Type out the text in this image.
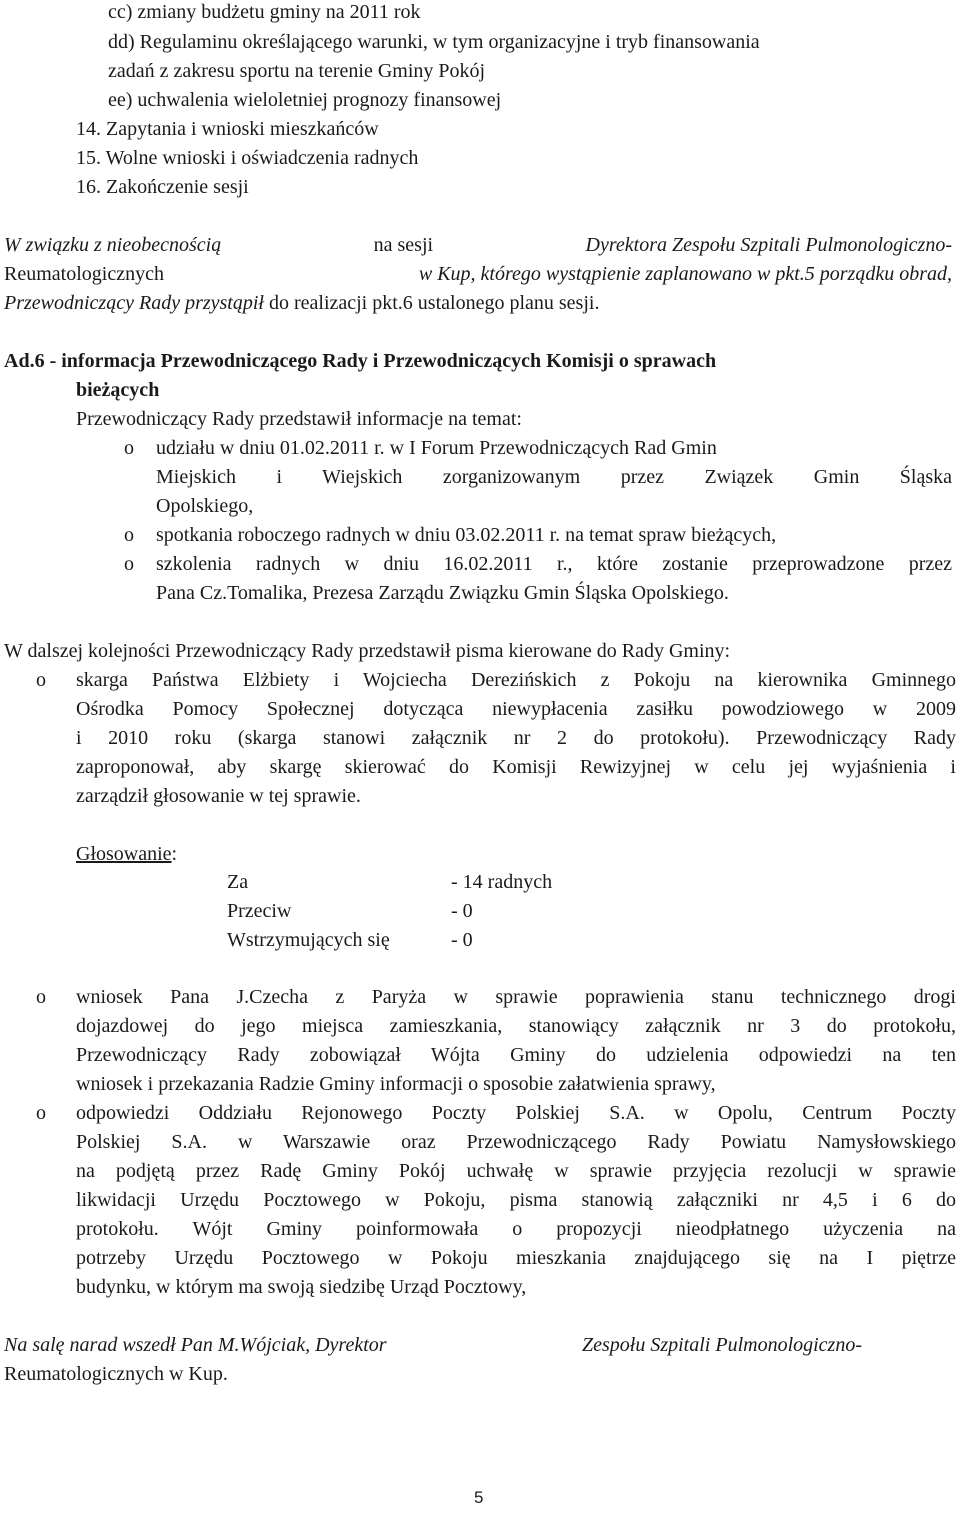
cc) zmiany budżetu gminy na 2011 rok
dd) Regulaminu określającego warunki, w tym organizacyjne i tryb finansowania
zadań z zakresu sportu na terenie Gminy Pokój
ee) uchwalenia wieloletniej prognozy finansowej
14. Zapytania i wnioski mieszkańców
15. Wolne wnioski i oświadczenia radnych
16. Zakończenie sesji
W związku z nieobecnością	na sesji	Dyrektora Zespołu Szpitali Pulmonologiczno-
Reumatologicznych	w Kup, którego wystąpienie zaplanowano w pkt.5 porządku obrad,
Przewodniczący Rady przystąpił do realizacji pkt.6 ustalonego planu sesji.
Ad.6 - informacja Przewodniczącego Rady i Przewodniczących Komisji o sprawach
bieżących
Przewodniczący Rady przedstawił informacje na temat:
o udziału w dniu 01.02.2011 r. w I Forum Przewodniczących Rad Gmin
Miejskich i Wiejskich zorganizowanym przez Związek Gmin Śląska
Opolskiego,
o spotkania roboczego radnych w dniu 03.02.2011 r. na temat spraw bieżących,
o szkolenia radnych w dniu 16.02.2011 r., które zostanie przeprowadzone przez
Pana Cz.Tomalika, Prezesa Zarządu Związku Gmin Śląska Opolskiego.
W dalszej kolejności Przewodniczący Rady przedstawił pisma kierowane do Rady Gminy:
o skarga Państwa Elżbiety i Wojciecha Derezińskich z Pokoju na kierownika Gminnego
Ośrodka Pomocy Społecznej dotycząca niewypłacenia zasiłku powodziowego w 2009
i 2010 roku (skarga stanowi załącznik nr 2 do protokołu). Przewodniczący Rady
zaproponował, aby skargę skierować do Komisji Rewizyjnej w celu jej wyjaśnienia i
zarządził głosowanie w tej sprawie.
Głosowanie:
Za	- 14 radnych
Przeciw	- 0
Wstrzymujących się	- 0
o wniosek Pana J.Czecha z Paryża w sprawie poprawienia stanu technicznego drogi
dojazdowej do jego miejsca zamieszkania, stanowiący załącznik nr 3 do protokołu,
Przewodniczący Rady zobowiązał Wójta Gminy do udzielenia odpowiedzi na ten
wniosek i przekazania Radzie Gminy informacji o sposobie załatwienia sprawy,
o odpowiedzi Oddziału Rejonowego Poczty Polskiej S.A. w Opolu, Centrum Poczty
Polskiej S.A. w Warszawie oraz Przewodniczącego Rady Powiatu Namysłowskiego
na podjętą przez Radę Gminy Pokój uchwałę w sprawie przyjęcia rezolucji w sprawie
likwidacji Urzędu Pocztowego w Pokoju, pisma stanowią załączniki nr 4,5 i 6 do
protokołu. Wójt Gminy poinformowała o propozycji nieodpłatnego użyczenia na
potrzeby Urzędu Pocztowego w Pokoju mieszkania znajdującego się na I piętrze
budynku, w którym ma swoją siedzibę Urząd Pocztowy,
Na salę narad wszedł Pan M.Wójciak, Dyrektor	Zespołu Szpitali Pulmonologiczno-
Reumatologicznych w Kup.
5
